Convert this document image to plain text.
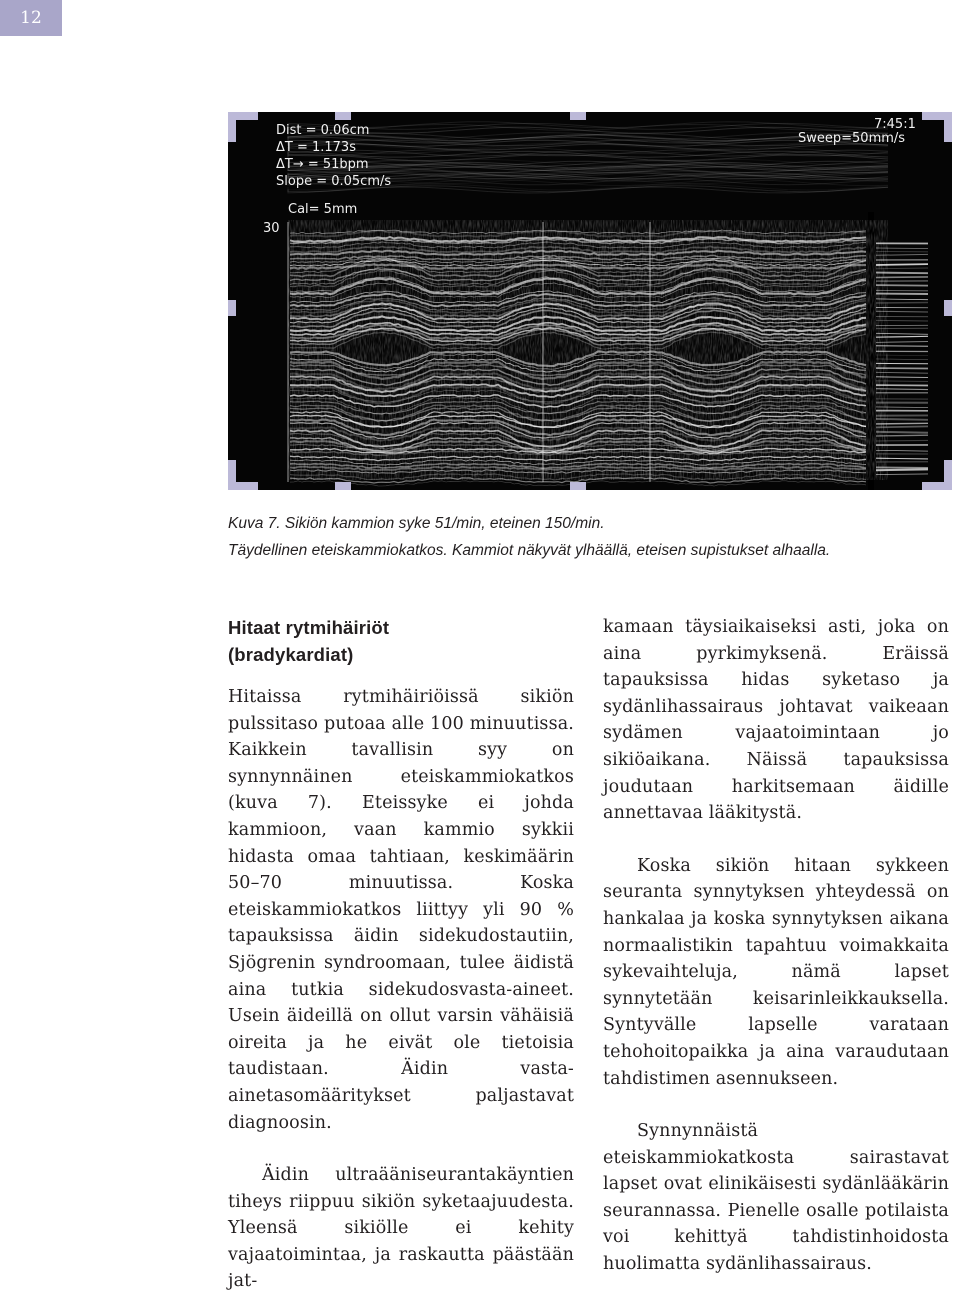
12
Dist = 0.06cm
ΔT = 1.173s
ΔT→ = 51bpm
Slope = 0.05cm/s
Cal= 5mm
30
7:45:1
Sweep=50mm/s
Kuva 7. Sikiön kammion syke 51/min, eteinen 150/min.
Täydellinen eteiskammiokatkos. Kammiot näkyvät ylhäällä, eteisen supistukset alhaalla.
Hitaat rytmihäiriöt
(bradykardiat)

Hitaissa rytmihäiriöissä sikiön pulssitaso putoaa alle 100 minuutissa. Kaikkein tavallisin syy on synnynnäinen eteiskammiokatkos (kuva 7). Eteissyke ei johda kammioon, vaan kammio sykkii hidasta omaa tahtiaan, keskimäärin 50–70 minuutissa. Koska eteiskammiokatkos liittyy yli 90 % tapauksissa äidin sidekudostautiin, Sjögrenin syndroomaan, tulee äidistä aina tutkia sidekudosvasta-aineet. Usein äideillä on ollut varsin vähäisiä oireita ja he eivät ole tietoisia taudistaan. Äidin vasta-ainetasomääritykset paljastavat diagnoosin.

Äidin ultraääniseurantakäyntien tiheys riippuu sikiön syketaajuudesta. Yleensä sikiölle ei kehity vajaatoimintaa, ja raskautta päästään jat-

kamaan täysiaikaiseksi asti, joka on aina pyrkimyksenä. Eräissä tapauksissa hidas syketaso ja sydänlihassairaus johtavat vaikeaan sydämen vajaatoimintaan jo sikiöaikana. Näissä tapauksissa joudutaan harkitsemaan äidille annettavaa lääkitystä.

Koska sikiön hitaan sykkeen seuranta synnytyksen yhteydessä on hankalaa ja koska synnytyksen aikana normaalistikin tapahtuu voimakkaita sykevaihteluja, nämä lapset synnytetään keisarinleikkauksella. Syntyvälle lapselle varataan tehohoitopaikka ja aina varaudutaan tahdistimen asennukseen.

Synnynnäistä eteiskammiokatkosta sairastavat lapset ovat elinikäisesti sydänlääkärin seurannassa. Pienelle osalle potilaista voi kehittyä tahdistinhoidosta huolimatta sydänlihassairaus.
